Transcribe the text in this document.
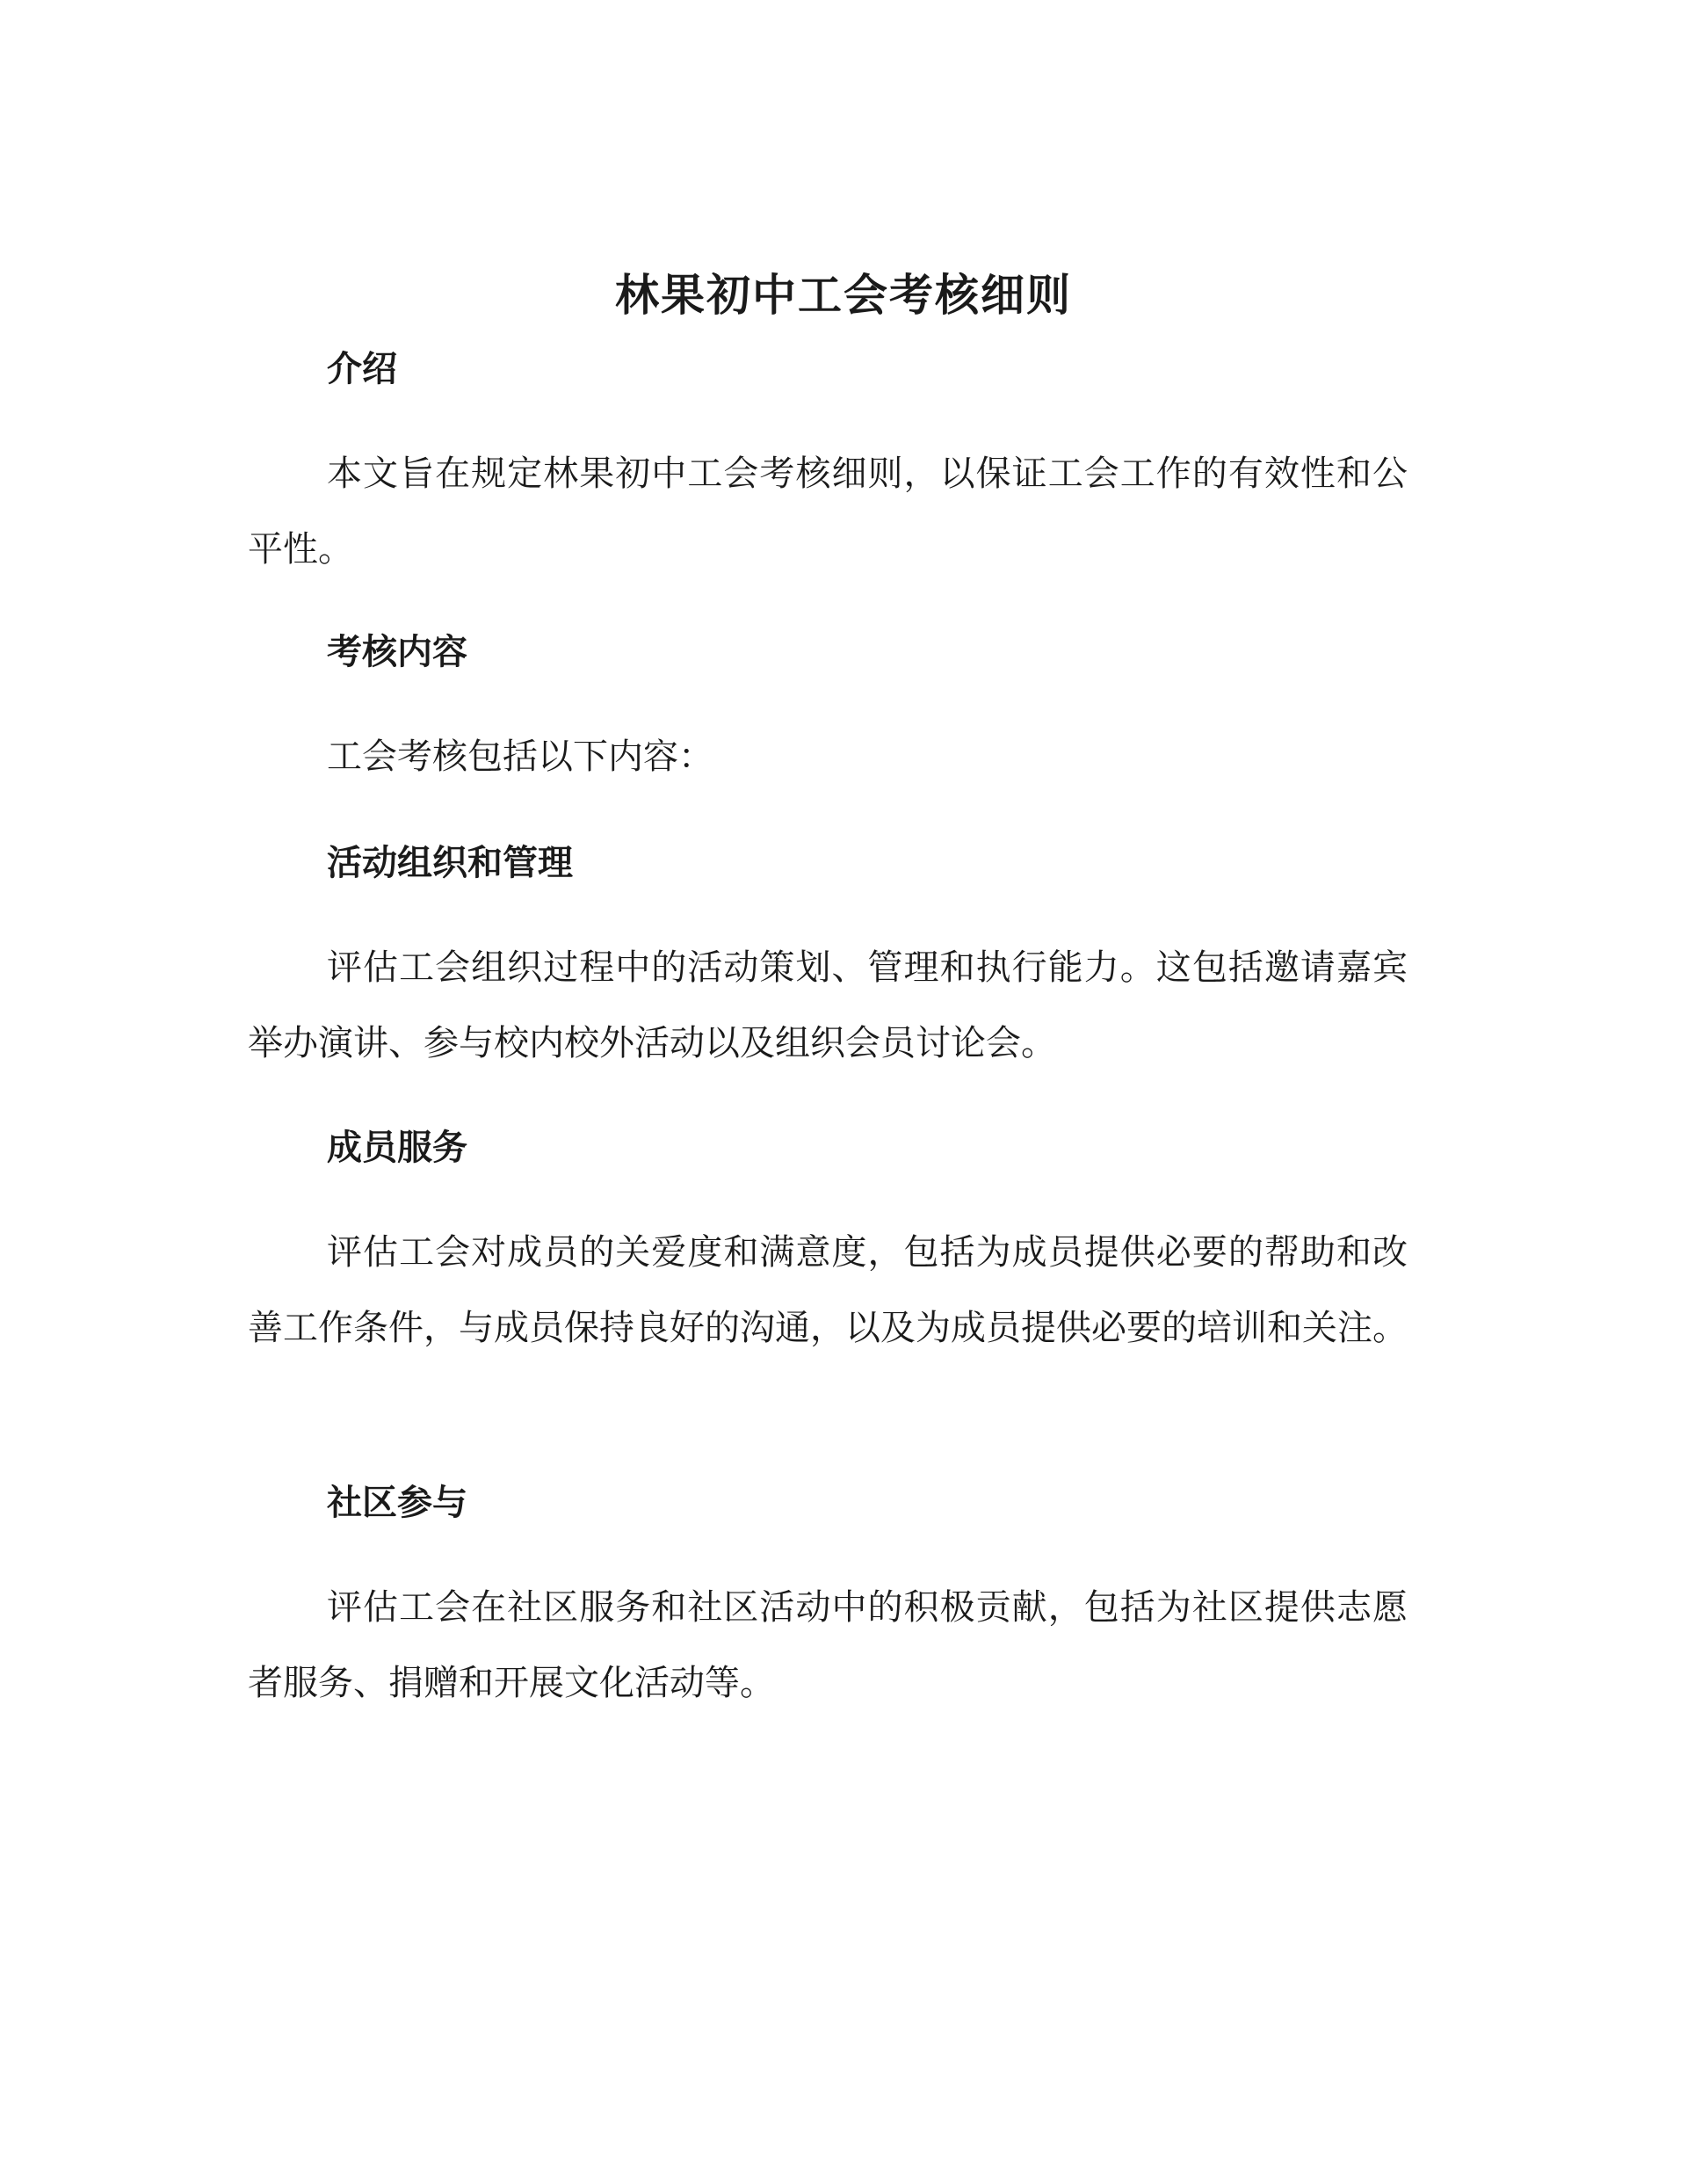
林果初中工会考核细则
介绍
本文旨在规定林果初中工会考核细则，以保证工会工作的有效性和公平性。
考核内容
工会考核包括以下内容：
活动组织和管理
评估工会组织过程中的活动策划、管理和执行能力。这包括邀请嘉宾举办演讲、参与校内校外活动以及组织会员讨论会。
成员服务
评估工会对成员的关爱度和满意度，包括为成员提供必要的帮助和改善工作条件，与成员保持良好的沟通，以及为成员提供必要的培训和关注。
社区参与
评估工会在社区服务和社区活动中的积极贡献，包括为社区提供志愿者服务、捐赠和开展文化活动等。
